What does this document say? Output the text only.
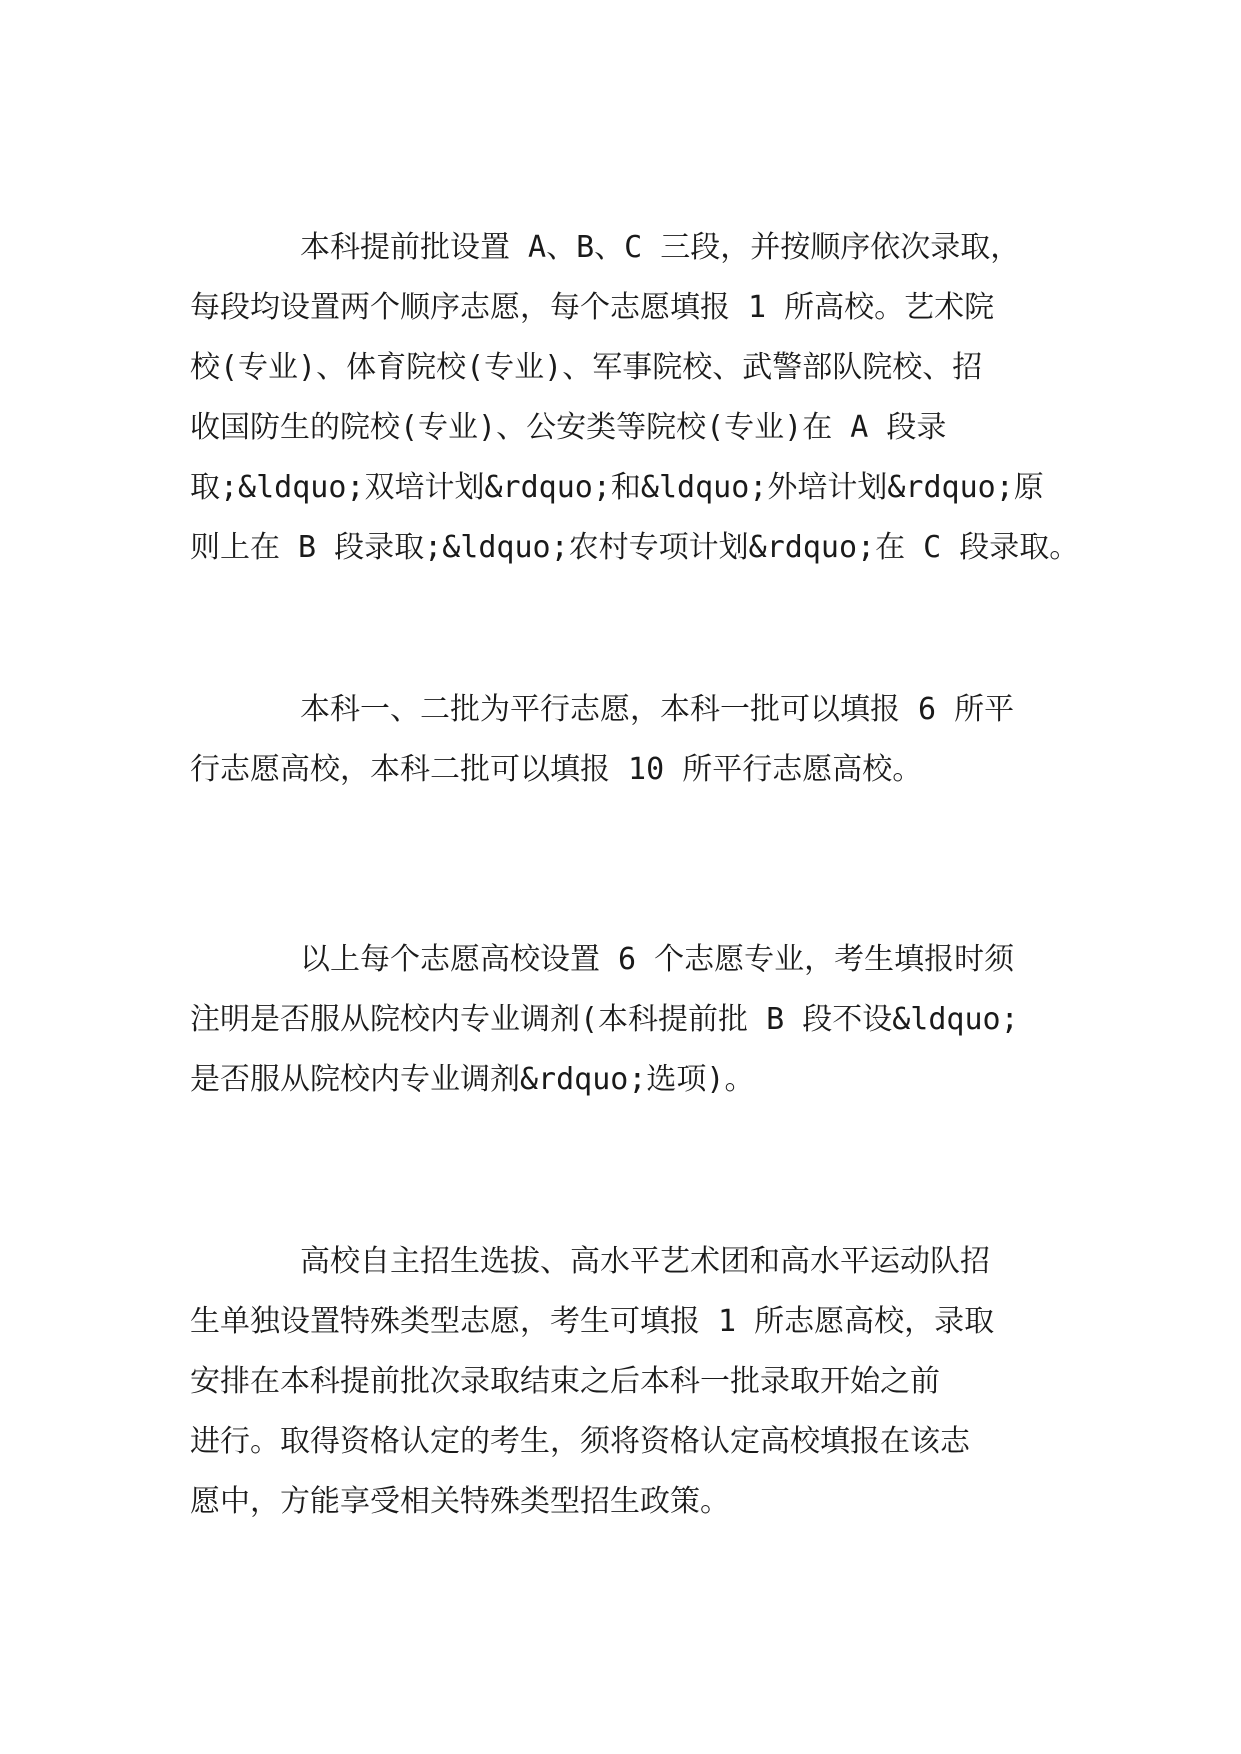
本科提前批设置 A、B、C 三段，并按顺序依次录取，
每段均设置两个顺序志愿，每个志愿填报 1 所高校。艺术院
校(专业)、体育院校(专业)、军事院校、武警部队院校、招
收国防生的院校(专业)、公安类等院校(专业)在 A 段录
取;&ldquo;双培计划&rdquo;和&ldquo;外培计划&rdquo;原
则上在 B 段录取;&ldquo;农村专项计划&rdquo;在 C 段录取。
本科一、二批为平行志愿，本科一批可以填报 6 所平
行志愿高校，本科二批可以填报 10 所平行志愿高校。
以上每个志愿高校设置 6 个志愿专业，考生填报时须
注明是否服从院校内专业调剂(本科提前批 B 段不设&ldquo;
是否服从院校内专业调剂&rdquo;选项)。
高校自主招生选拔、高水平艺术团和高水平运动队招
生单独设置特殊类型志愿，考生可填报 1 所志愿高校，录取
安排在本科提前批次录取结束之后本科一批录取开始之前
进行。取得资格认定的考生，须将资格认定高校填报在该志
愿中，方能享受相关特殊类型招生政策。
